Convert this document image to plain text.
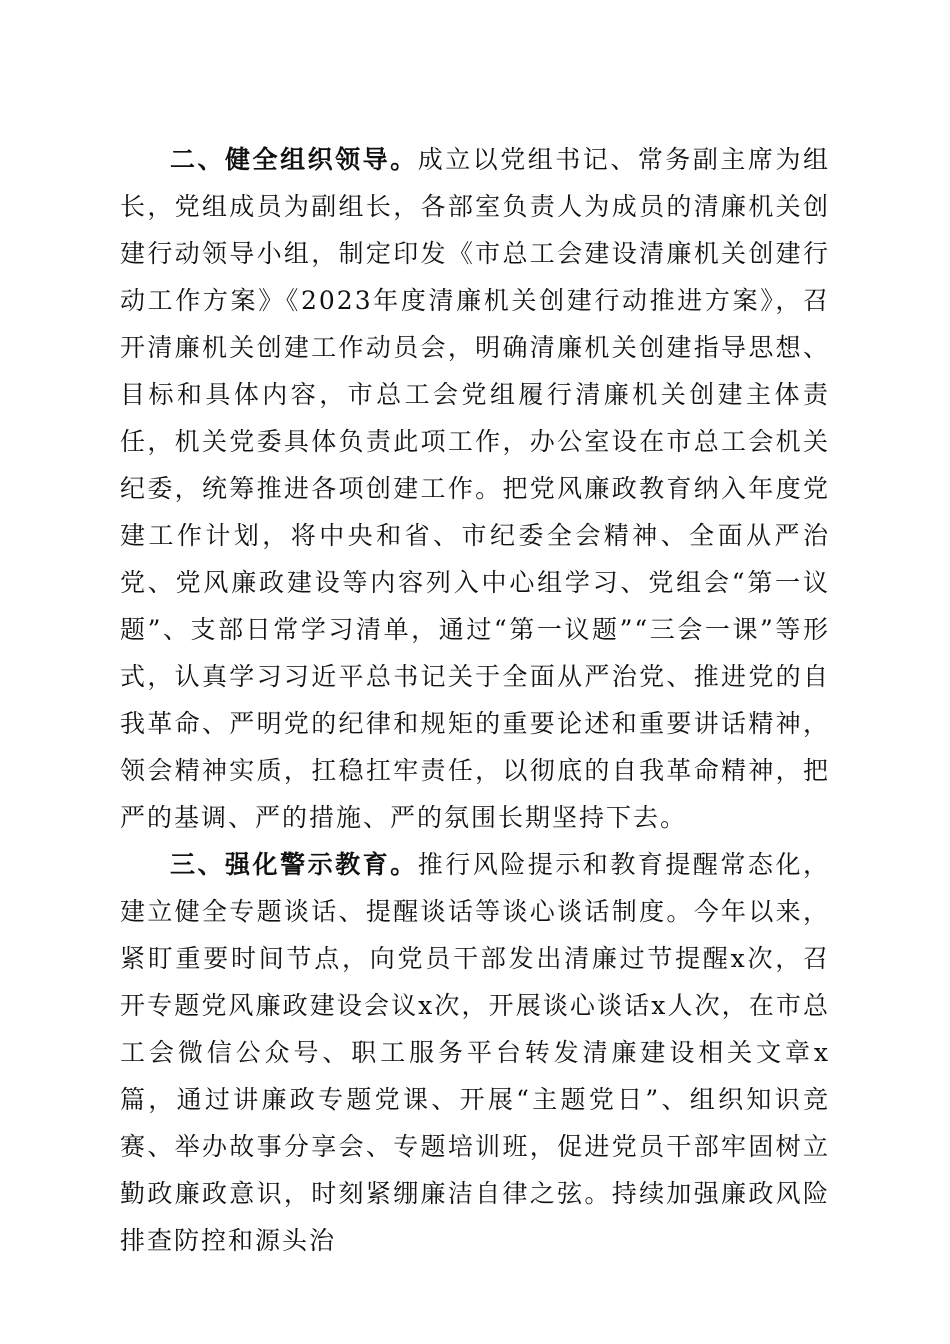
二、健全组织领导。成立以党组书记、常务副主席为组长，党组成员为副组长，各部室负责人为成员的清廉机关创建行动领导小组，制定印发《市总工会建设清廉机关创建行动工作方案》《2023年度清廉机关创建行动推进方案》，召开清廉机关创建工作动员会，明确清廉机关创建指导思想、目标和具体内容，市总工会党组履行清廉机关创建主体责任，机关党委具体负责此项工作，办公室设在市总工会机关纪委，统筹推进各项创建工作。把党风廉政教育纳入年度党建工作计划，将中央和省、市纪委全会精神、全面从严治党、党风廉政建设等内容列入中心组学习、党组会“第一议题”、支部日常学习清单，通过“第一议题”“三会一课”等形式，认真学习习近平总书记关于全面从严治党、推进党的自我革命、严明党的纪律和规矩的重要论述和重要讲话精神，领会精神实质，扛稳扛牢责任，以彻底的自我革命精神，把严的基调、严的措施、严的氛围长期坚持下去。

三、强化警示教育。推行风险提示和教育提醒常态化，建立健全专题谈话、提醒谈话等谈心谈话制度。今年以来，紧盯重要时间节点，向党员干部发出清廉过节提醒x次，召开专题党风廉政建设会议x次，开展谈心谈话x人次，在市总工会微信公众号、职工服务平台转发清廉建设相关文章x篇，通过讲廉政专题党课、开展“主题党日”、组织知识竞赛、举办故事分享会、专题培训班，促进党员干部牢固树立勤政廉政意识，时刻紧绷廉洁自律之弦。持续加强廉政风险排查防控和源头治
